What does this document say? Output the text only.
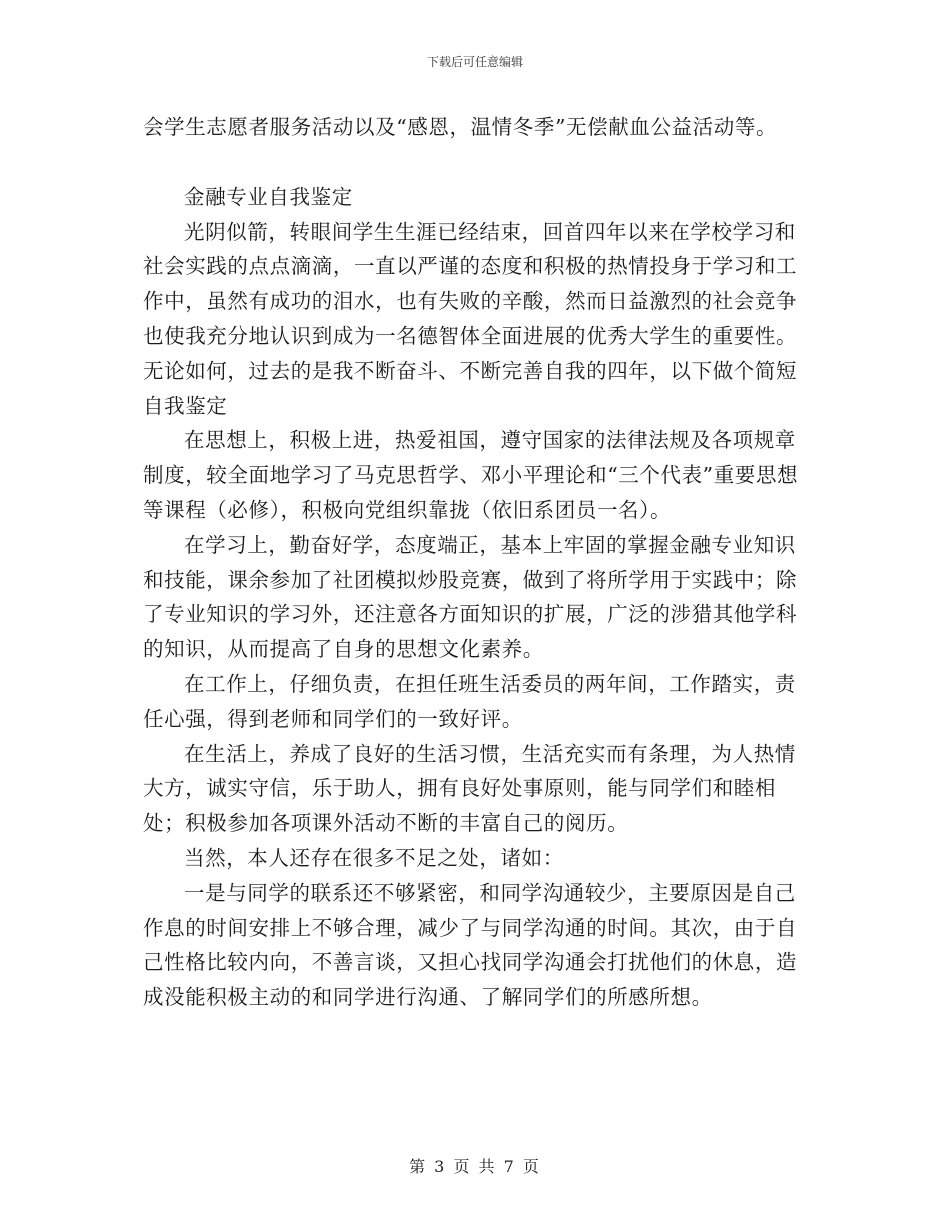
下载后可任意编辑

会学生志愿者服务活动以及“感恩，温情冬季”无偿献血公益活动等。

金融专业自我鉴定

光阴似箭，转眼间学生生涯已经结束，回首四年以来在学校学习和社会实践的点点滴滴，一直以严谨的态度和积极的热情投身于学习和工作中，虽然有成功的泪水，也有失败的辛酸，然而日益激烈的社会竞争也使我充分地认识到成为一名德智体全面进展的优秀大学生的重要性。无论如何，过去的是我不断奋斗、不断完善自我的四年，以下做个简短自我鉴定

在思想上，积极上进，热爱祖国，遵守国家的法律法规及各项规章制度，较全面地学习了马克思哲学、邓小平理论和“三个代表”重要思想等课程（必修），积极向党组织靠拢（依旧系团员一名）。

在学习上，勤奋好学，态度端正，基本上牢固的掌握金融专业知识和技能，课余参加了社团模拟炒股竞赛，做到了将所学用于实践中；除了专业知识的学习外，还注意各方面知识的扩展，广泛的涉猎其他学科的知识，从而提高了自身的思想文化素养。

在工作上，仔细负责，在担任班生活委员的两年间，工作踏实，责任心强，得到老师和同学们的一致好评。

在生活上，养成了良好的生活习惯，生活充实而有条理，为人热情大方，诚实守信，乐于助人，拥有良好处事原则，能与同学们和睦相处；积极参加各项课外活动不断的丰富自己的阅历。

当然，本人还存在很多不足之处，诸如：

一是与同学的联系还不够紧密，和同学沟通较少，主要原因是自己作息的时间安排上不够合理，减少了与同学沟通的时间。其次，由于自己性格比较内向，不善言谈，又担心找同学沟通会打扰他们的休息，造成没能积极主动的和同学进行沟通、了解同学们的所感所想。

第 3 页 共 7 页
